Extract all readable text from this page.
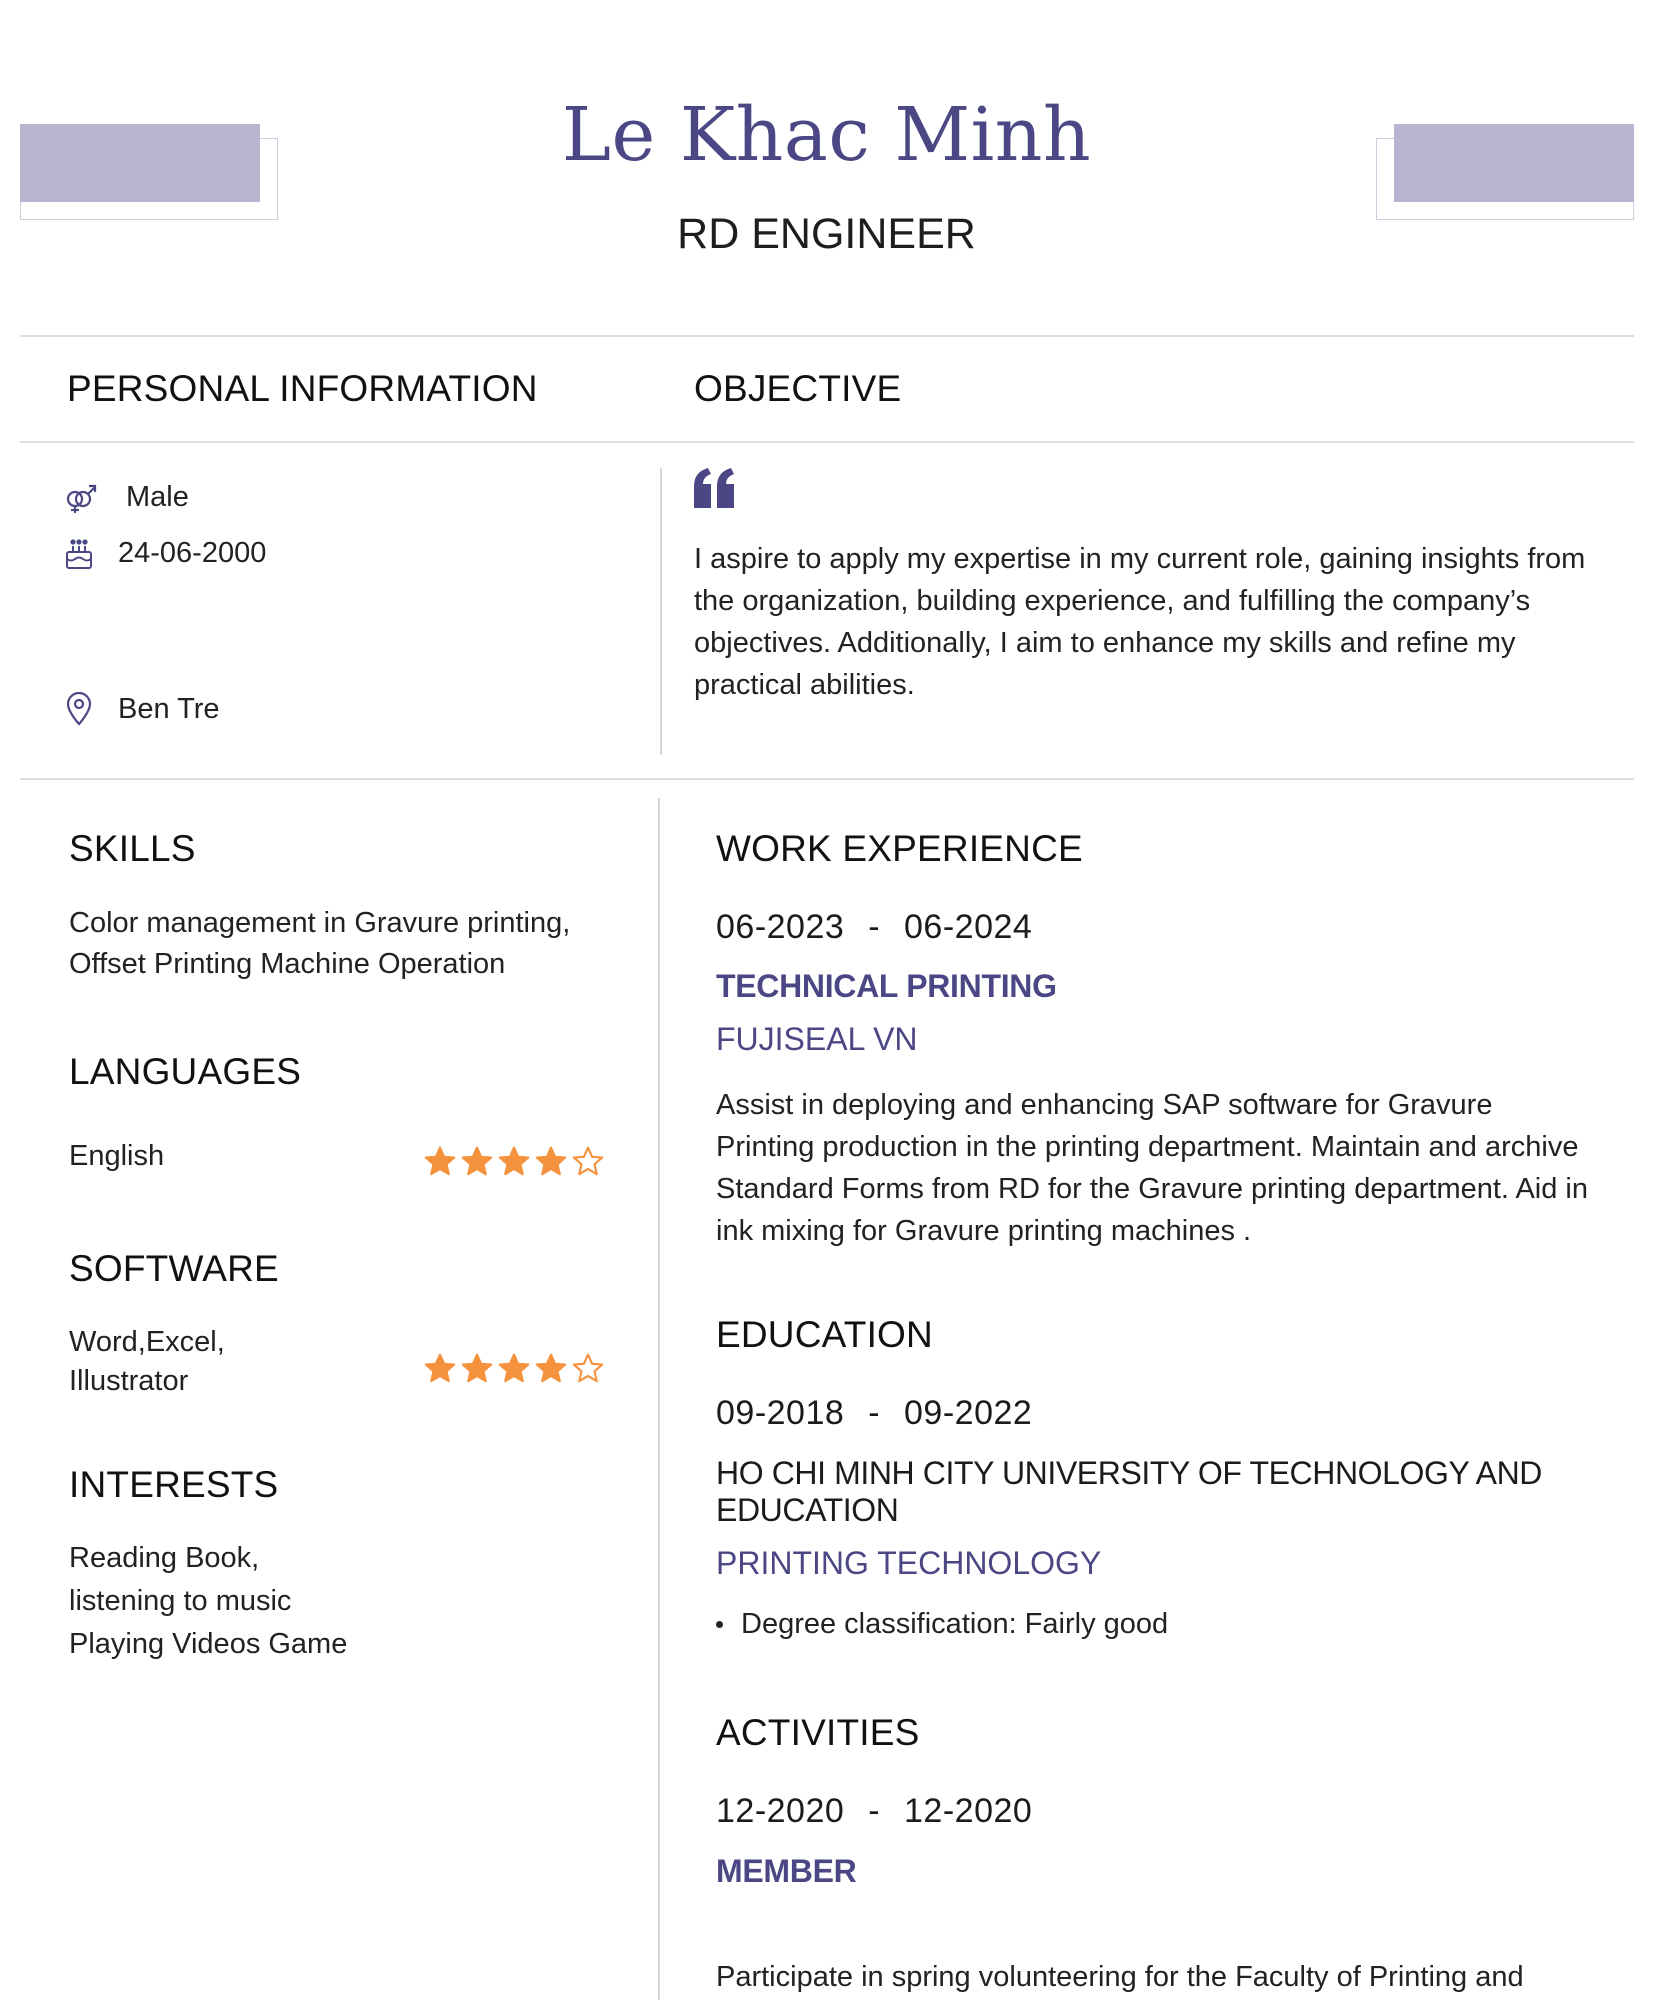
Le Khac Minh
RD ENGINEER
PERSONAL INFORMATION	OBJECTIVE
Male
24-06-2000
Ben Tre
I aspire to apply my expertise in my current role, gaining insights from the organization, building experience, and fulfilling the company’s objectives. Additionally, I aim to enhance my skills and refine my practical abilities.
SKILLS
Color management in Gravure printing, Offset Printing Machine Operation
LANGUAGES
English
SOFTWARE
Word,Excel,
Illustrator
INTERESTS
Reading Book,
listening to music
Playing Videos Game
WORK EXPERIENCE
06-2023 - 06-2024
TECHNICAL PRINTING
FUJISEAL VN
Assist in deploying and enhancing SAP software for Gravure Printing production in the printing department. Maintain and archive Standard Forms from RD for the Gravure printing department. Aid in ink mixing for Gravure printing machines .
EDUCATION
09-2018 - 09-2022
HO CHI MINH CITY UNIVERSITY OF TECHNOLOGY AND EDUCATION
PRINTING TECHNOLOGY
Degree classification: Fairly good
ACTIVITIES
12-2020 - 12-2020
MEMBER
Participate in spring volunteering for the Faculty of Printing and
